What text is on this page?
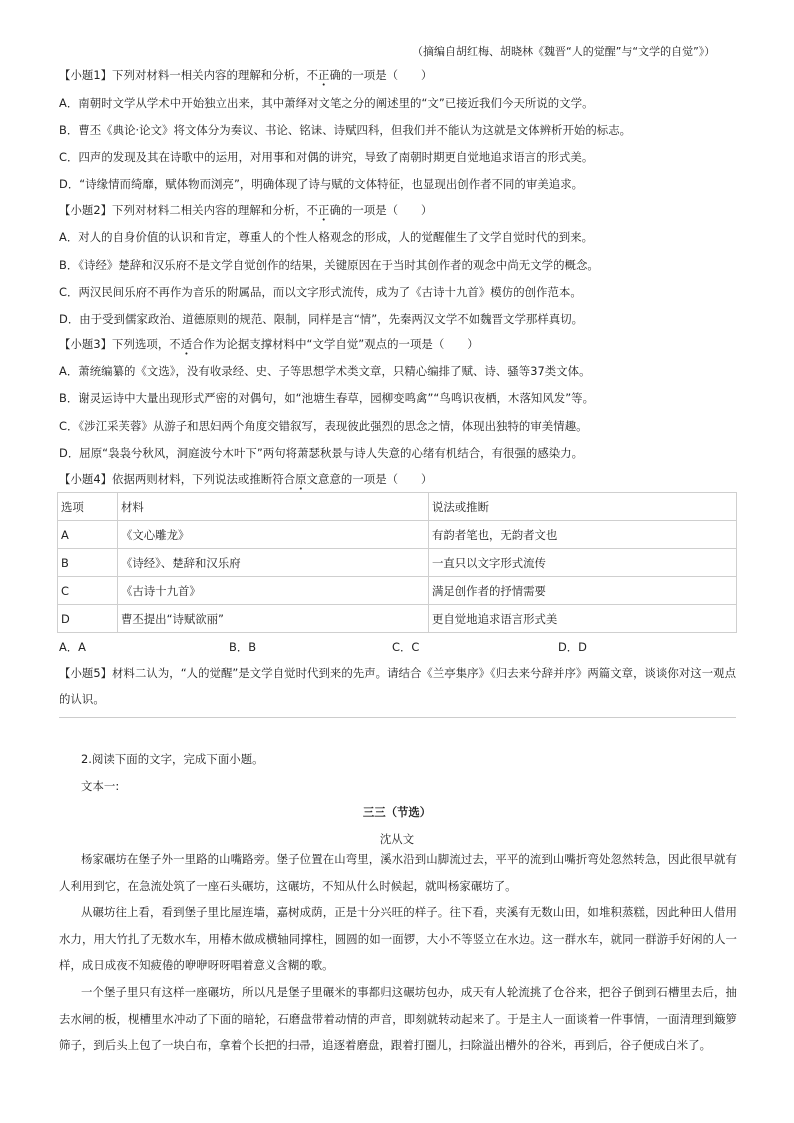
（摘编自胡红梅、胡晓林《魏晋“人的觉醒”与“文学的自觉”》）
【小题1】下列对材料一相关内容的理解和分析，不正确的一项是（　　）
A．南朝时文学从学术中开始独立出来，其中萧绎对文笔之分的阐述里的“文”已接近我们今天所说的文学。
B．曹丕《典论·论文》将文体分为奏议、书论、铭诔、诗赋四科，但我们并不能认为这就是文体辨析开始的标志。
C．四声的发现及其在诗歌中的运用，对用事和对偶的讲究，导致了南朝时期更自觉地追求语言的形式美。
D．“诗缘情而绮靡，赋体物而浏亮”，明确体现了诗与赋的文体特征，也显现出创作者不同的审美追求。
【小题2】下列对材料二相关内容的理解和分析，不正确的一项是（　　）
A．对人的自身价值的认识和肯定，尊重人的个性人格观念的形成，人的觉醒催生了文学自觉时代的到来。
B．《诗经》楚辞和汉乐府不是文学自觉创作的结果，关键原因在于当时其创作者的观念中尚无文学的概念。
C．两汉民间乐府不再作为音乐的附属品，而以文字形式流传，成为了《古诗十九首》模仿的创作范本。
D．由于受到儒家政治、道德原则的规范、限制，同样是言“情”，先秦两汉文学不如魏晋文学那样真切。
【小题3】下列选项，不适合作为论据支撑材料中“文学自觉”观点的一项是（　　）
A．萧统编纂的《文选》，没有收录经、史、子等思想学术类文章，只精心编排了赋、诗、骚等37类文体。
B．谢灵运诗中大量出现形式严密的对偶句，如“池塘生春草，园柳变鸣禽”“鸟鸣识夜栖，木落知风发”等。
C．《涉江采芙蓉》从游子和思妇两个角度交错叙写，表现彼此强烈的思念之情，体现出独特的审美情趣。
D．屈原“袅袅兮秋风，洞庭波兮木叶下”两句将萧瑟秋景与诗人失意的心绪有机结合，有很强的感染力。
【小题4】依据两则材料，下列说法或推断符合原文意 •意的一项是（　　）
选项	材料	说法或推断
A	《文心雕龙》	有韵者笔也，无韵者文也
B	《诗经》、楚辞和汉乐府	一直只以文字形式流传
C	《古诗十九首》	满足创作者的抒情需要
D	曹丕提出“诗赋欲丽”	更自觉地追求语言形式美
A．A	B．B	C．C	D．D
【小题5】材料二认为，“人的觉醒”是文学自觉时代到来的先声。请结合《兰亭集序》《归去来兮辞并序》两篇文章，谈谈你对这一观点
的认识。
2.阅读下面的文字，完成下面小题。
文本一:
三三（节选）
沈从文
杨家碾坊在堡子外一里路的山嘴路旁。堡子位置在山弯里，溪水沿到山脚流过去，平平的流到山嘴折弯处忽然转急，因此很早就有人利用到它，在急流处筑了一座石头碾坊，这碾坊，不知从什么时候起，就叫杨家碾坊了。
从碾坊往上看，看到堡子里比屋连墙，嘉树成荫，正是十分兴旺的样子。往下看，夹溪有无数山田，如堆积蒸糕，因此种田人借用水力，用大竹扎了无数水车，用椿木做成横轴同撑柱，圆圆的如一面锣，大小不等竖立在水边。这一群水车，就同一群游手好闲的人一样，成日成夜不知疲倦的咿咿呀呀唱着意义含糊的歌。
一个堡子里只有这样一座碾坊，所以凡是堡子里碾米的事都归这碾坊包办，成天有人轮流挑了仓谷来，把谷子倒到石槽里去后，抽去水闸的板，枧槽里水冲动了下面的暗轮，石磨盘带着动情的声音，即刻就转动起来了。于是主人一面谈着一件事情，一面清理到簸箩筛子，到后头上包了一块白布，拿着个长把的扫帚，追逐着磨盘，跟着打圈儿，扫除溢出槽外的谷米，再到后，谷子便成白米了。
